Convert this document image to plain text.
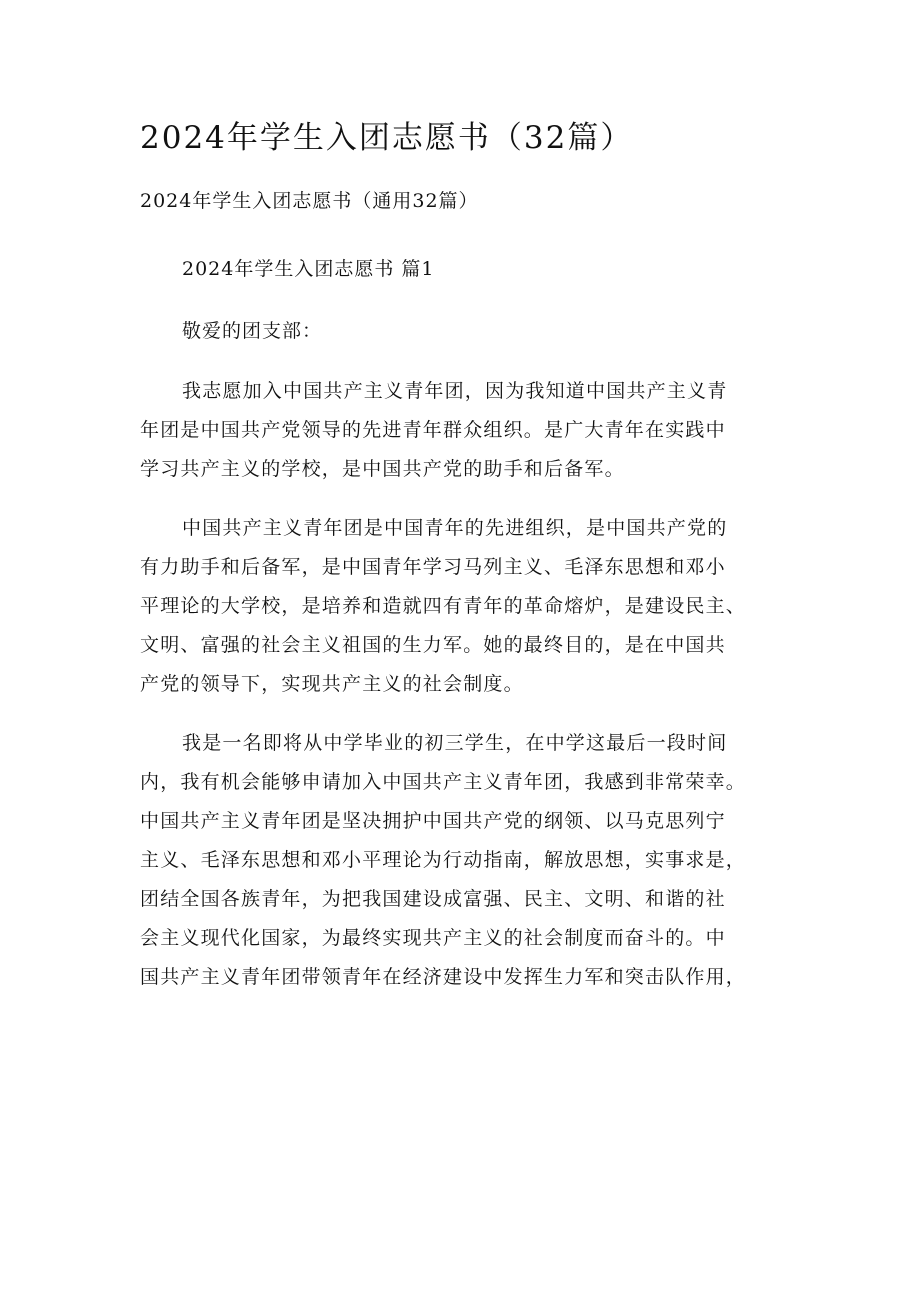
2024年学生入团志愿书（32篇）

2024年学生入团志愿书（通用32篇）

2024年学生入团志愿书 篇1

敬爱的团支部：

我志愿加入中国共产主义青年团，因为我知道中国共产主义青
年团是中国共产党领导的先进青年群众组织。是广大青年在实践中
学习共产主义的学校，是中国共产党的助手和后备军。

中国共产主义青年团是中国青年的先进组织，是中国共产党的
有力助手和后备军，是中国青年学习马列主义、毛泽东思想和邓小
平理论的大学校，是培养和造就四有青年的革命熔炉，是建设民主、
文明、富强的社会主义祖国的生力军。她的最终目的，是在中国共
产党的领导下，实现共产主义的社会制度。

我是一名即将从中学毕业的初三学生，在中学这最后一段时间
内，我有机会能够申请加入中国共产主义青年团，我感到非常荣幸。
中国共产主义青年团是坚决拥护中国共产党的纲领、以马克思列宁
主义、毛泽东思想和邓小平理论为行动指南，解放思想，实事求是，
团结全国各族青年，为把我国建设成富强、民主、文明、和谐的社
会主义现代化国家，为最终实现共产主义的社会制度而奋斗的。中
国共产主义青年团带领青年在经济建设中发挥生力军和突击队作用，
